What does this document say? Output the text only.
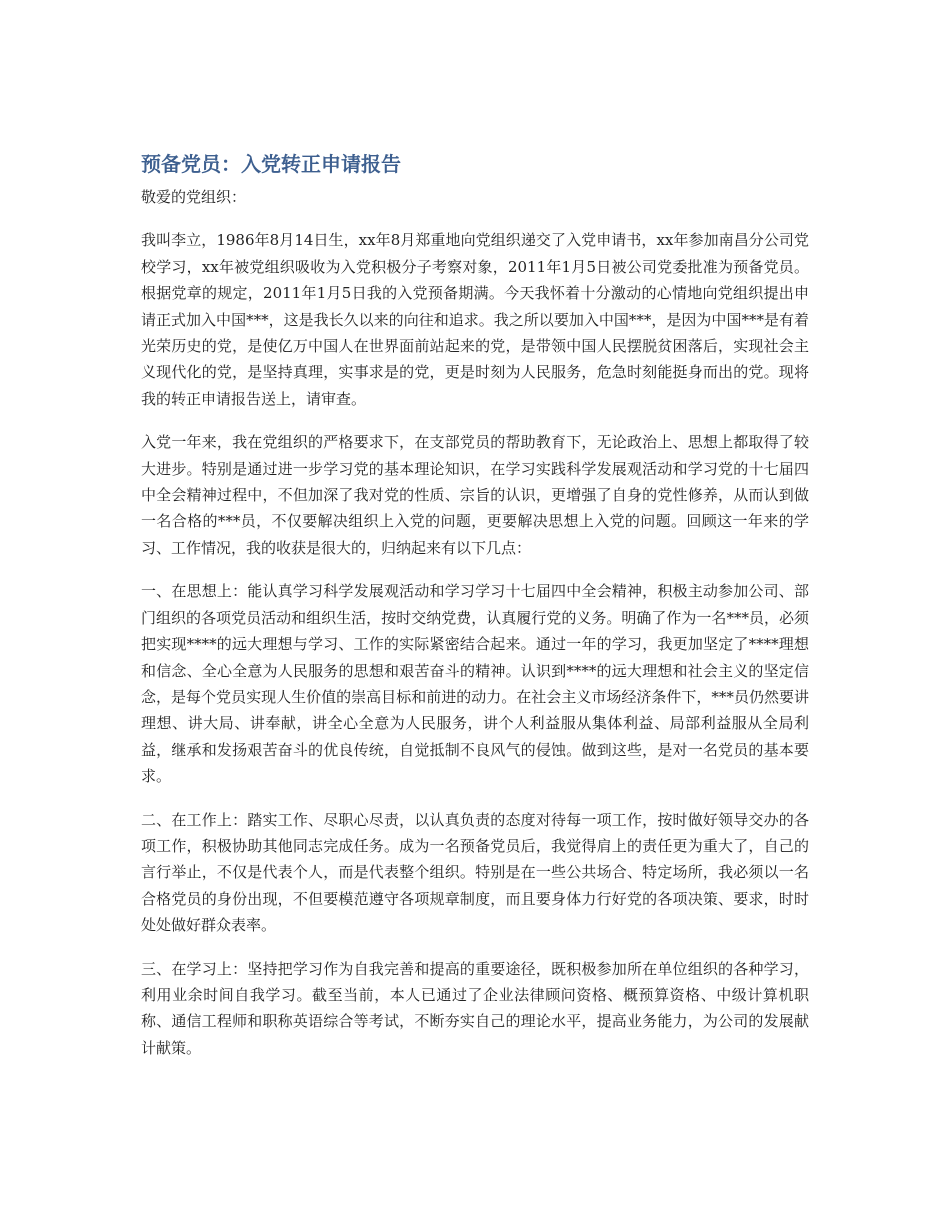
预备党员：入党转正申请报告
敬爱的党组织：

我叫李立，1986年8月14日生，xx年8月郑重地向党组织递交了入党申请书，xx年参加南昌分公司党校学习，xx年被党组织吸收为入党积极分子考察对象，2011年1月5日被公司党委批准为预备党员。根据党章的规定，2011年1月5日我的入党预备期满。今天我怀着十分激动的心情地向党组织提出申请正式加入中国***，这是我长久以来的向往和追求。我之所以要加入中国***，是因为中国***是有着光荣历史的党，是使亿万中国人在世界面前站起来的党，是带领中国人民摆脱贫困落后，实现社会主义现代化的党，是坚持真理，实事求是的党，更是时刻为人民服务，危急时刻能挺身而出的党。现将我的转正申请报告送上，请审查。

入党一年来，我在党组织的严格要求下，在支部党员的帮助教育下，无论政治上、思想上都取得了较大进步。特别是通过进一步学习党的基本理论知识，在学习实践科学发展观活动和学习党的十七届四中全会精神过程中，不但加深了我对党的性质、宗旨的认识，更增强了自身的党性修养，从而认到做一名合格的***员，不仅要解决组织上入党的问题，更要解决思想上入党的问题。回顾这一年来的学习、工作情况，我的收获是很大的，归纳起来有以下几点：

一、在思想上：能认真学习科学发展观活动和学习学习十七届四中全会精神，积极主动参加公司、部门组织的各项党员活动和组织生活，按时交纳党费，认真履行党的义务。明确了作为一名***员，必须把实现****的远大理想与学习、工作的实际紧密结合起来。通过一年的学习，我更加坚定了****理想和信念、全心全意为人民服务的思想和艰苦奋斗的精神。认识到****的远大理想和社会主义的坚定信念，是每个党员实现人生价值的崇高目标和前进的动力。在社会主义市场经济条件下，***员仍然要讲理想、讲大局、讲奉献，讲全心全意为人民服务，讲个人利益服从集体利益、局部利益服从全局利益，继承和发扬艰苦奋斗的优良传统，自觉抵制不良风气的侵蚀。做到这些，是对一名党员的基本要求。

二、在工作上：踏实工作、尽职心尽责，以认真负责的态度对待每一项工作，按时做好领导交办的各项工作，积极协助其他同志完成任务。成为一名预备党员后，我觉得肩上的责任更为重大了，自己的言行举止，不仅是代表个人，而是代表整个组织。特别是在一些公共场合、特定场所，我必须以一名合格党员的身份出现，不但要模范遵守各项规章制度，而且要身体力行好党的各项决策、要求，时时处处做好群众表率。

三、在学习上：坚持把学习作为自我完善和提高的重要途径，既积极参加所在单位组织的各种学习，利用业余时间自我学习。截至当前，本人已通过了企业法律顾问资格、概预算资格、中级计算机职称、通信工程师和职称英语综合等考试，不断夯实自己的理论水平，提高业务能力，为公司的发展献计献策。
